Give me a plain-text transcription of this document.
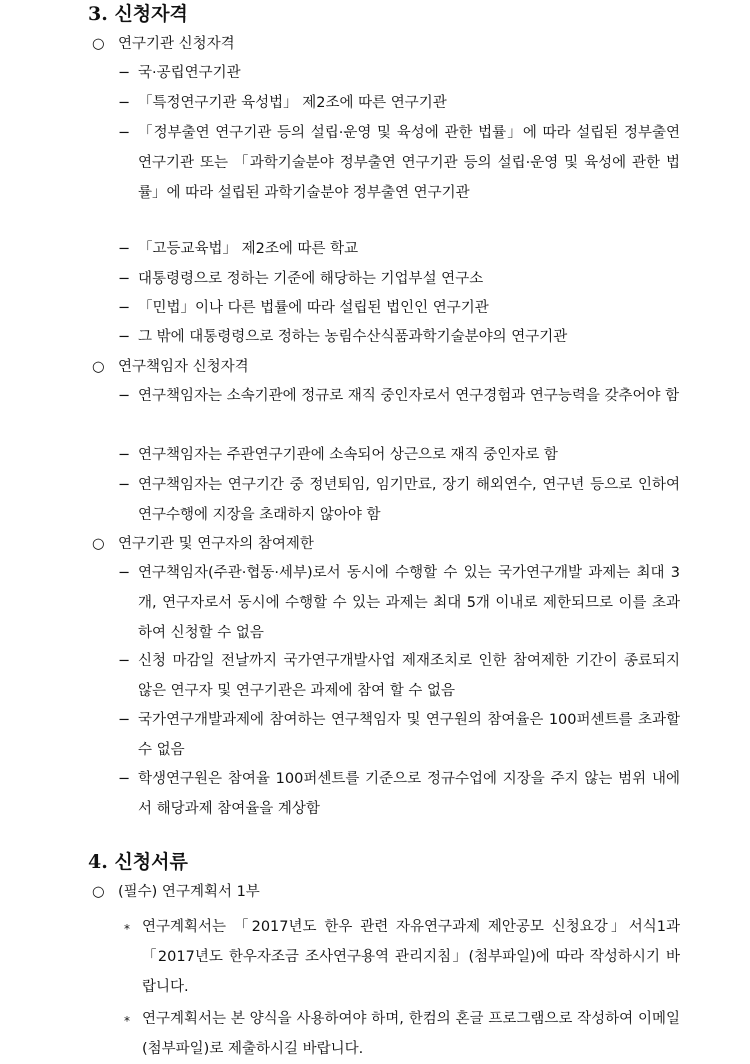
3. 신청자격
○ 연구기관 신청자격
− 국·공립연구기관
− 「특정연구기관 육성법」 제2조에 따른 연구기관
− 「정부출연 연구기관 등의 설립·운영 및 육성에 관한 법률」에 따라 설립된 정부출연 연구기관 또는 「과학기술분야 정부출연 연구기관 등의 설립·운영 및 육성에 관한 법률」에 따라 설립된 과학기술분야 정부출연 연구기관
− 「고등교육법」 제2조에 따른 학교
− 대통령령으로 정하는 기준에 해당하는 기업부설 연구소
− 「민법」이나 다른 법률에 따라 설립된 법인인 연구기관
− 그 밖에 대통령령으로 정하는 농림수산식품과학기술분야의 연구기관
○ 연구책임자 신청자격
− 연구책임자는 소속기관에 정규로 재직 중인자로서 연구경험과 연구능력을 갖추어야 함
− 연구책임자는 주관연구기관에 소속되어 상근으로 재직 중인자로 함
− 연구책임자는 연구기간 중 정년퇴임, 임기만료, 장기 해외연수, 연구년 등으로 인하여 연구수행에 지장을 초래하지 않아야 함
○ 연구기관 및 연구자의 참여제한
− 연구책임자(주관·협동·세부)로서 동시에 수행할 수 있는 국가연구개발 과제는 최대 3개, 연구자로서 동시에 수행할 수 있는 과제는 최대 5개 이내로 제한되므로 이를 초과하여 신청할 수 없음
− 신청 마감일 전날까지 국가연구개발사업 제재조치로 인한 참여제한 기간이 종료되지 않은 연구자 및 연구기관은 과제에 참여 할 수 없음
− 국가연구개발과제에 참여하는 연구책임자 및 연구원의 참여율은 100퍼센트를 초과할 수 없음
− 학생연구원은 참여율 100퍼센트를 기준으로 정규수업에 지장을 주지 않는 범위 내에서 해당과제 참여율을 계상함
4. 신청서류
○ (필수) 연구계획서 1부
* 연구계획서는 「2017년도 한우 관련 자유연구과제 제안공모 신청요강」서식1과 「2017년도 한우자조금 조사연구용역 관리지침」(첨부파일)에 따라 작성하시기 바랍니다.
* 연구계획서는 본 양식을 사용하여야 하며, 한컴의 혼글 프로그램으로 작성하여 이메일(첨부파일)로 제출하시길 바랍니다.
